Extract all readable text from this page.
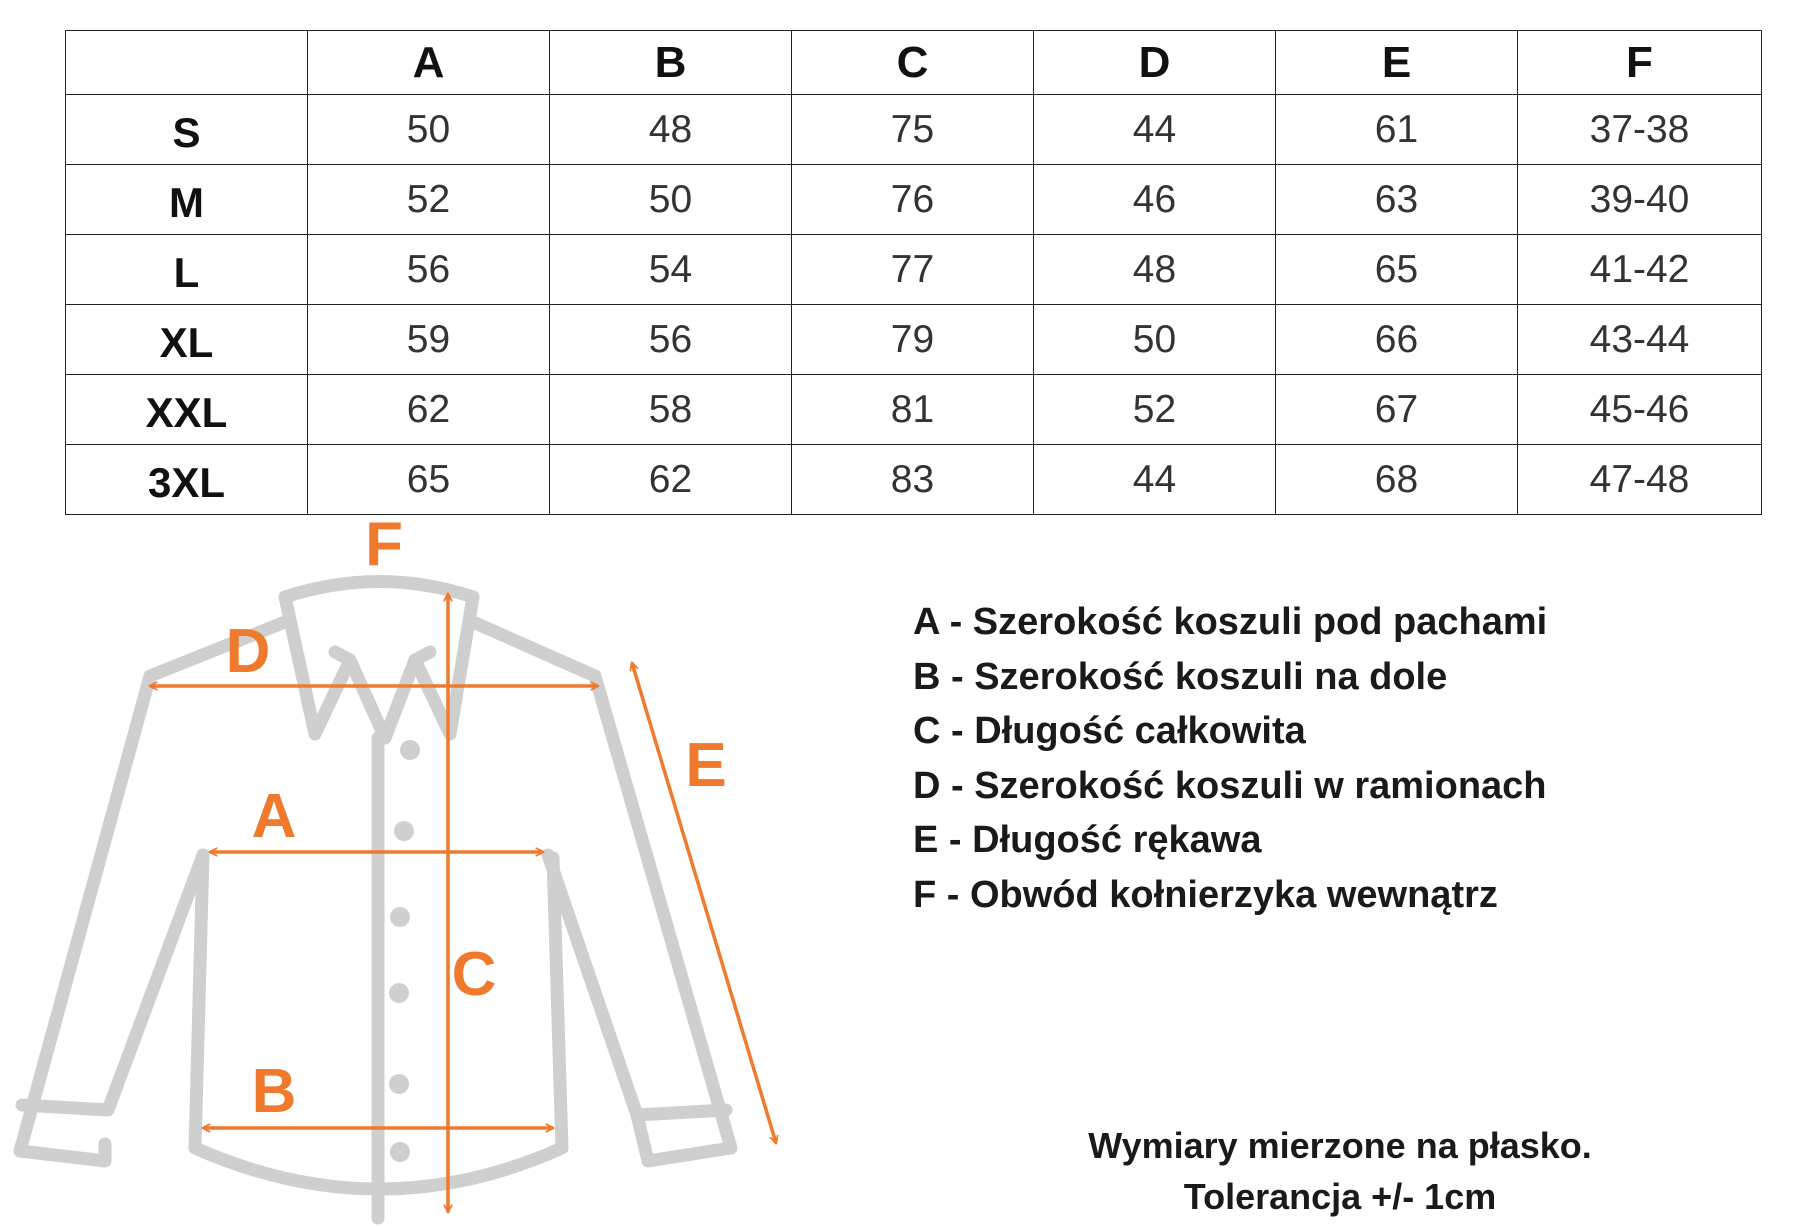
	A	B	C	D	E	F
S	50	48	75	44	61	37-38
M	52	50	76	46	63	39-40
L	56	54	77	48	65	41-42
XL	59	56	79	50	66	43-44
XXL	62	58	81	52	67	45-46
3XL	65	62	83	44	68	47-48
F
D
E
A
C
B
A - Szerokość koszuli pod pachami
B - Szerokość koszuli na dole
C - Długość całkowita
D - Szerokość koszuli w ramionach
E - Długość rękawa
F - Obwód kołnierzyka wewnątrz
Wymiary mierzone na płasko.
Tolerancja +/- 1cm
